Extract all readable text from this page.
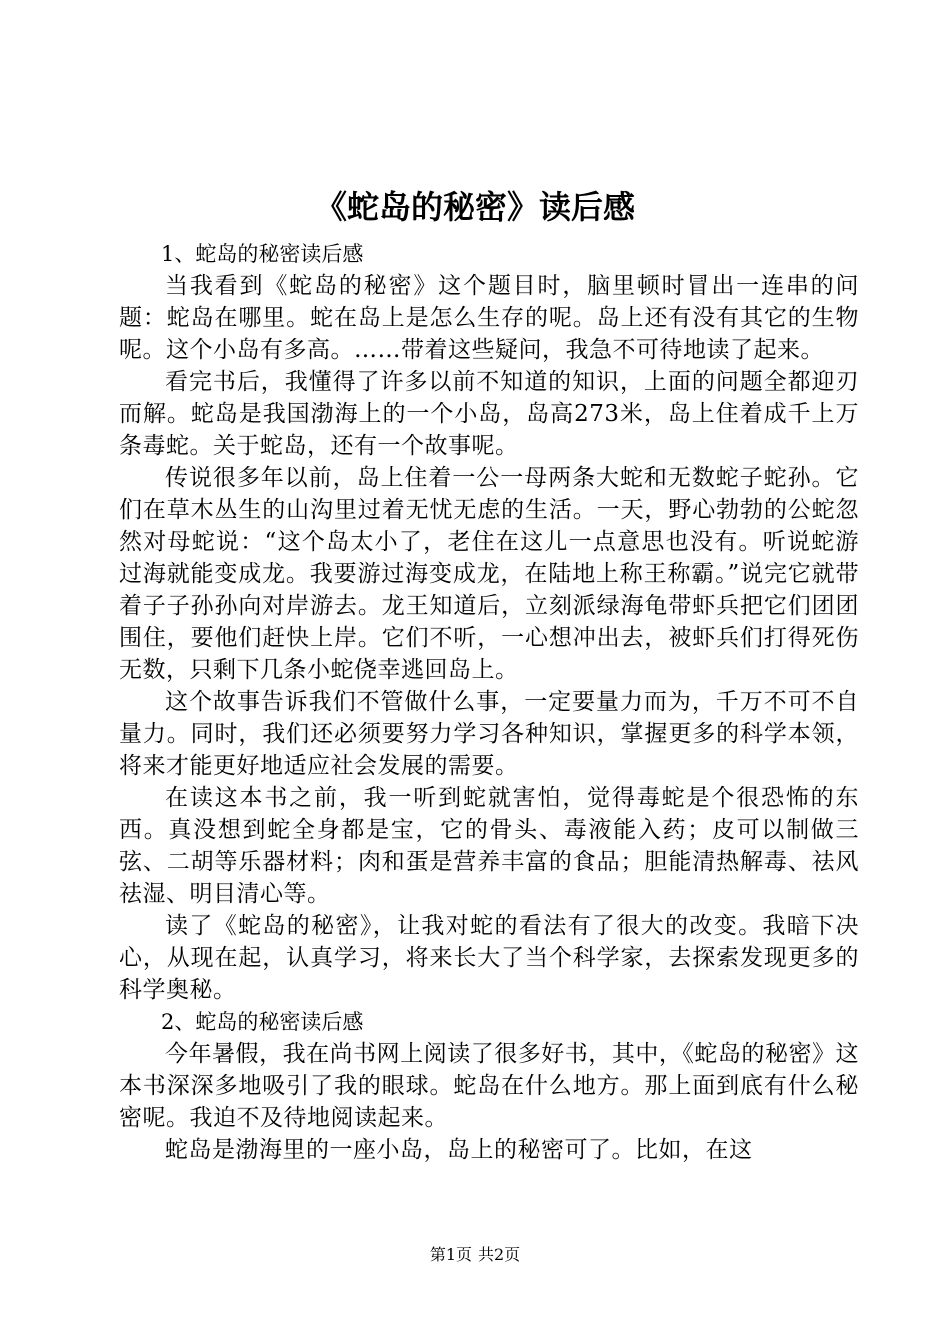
《蛇岛的秘密》读后感

1、蛇岛的秘密读后感

当我看到《蛇岛的秘密》这个题目时，脑里顿时冒出一连串的问题：蛇岛在哪里。蛇在岛上是怎么生存的呢。岛上还有没有其它的生物呢。这个小岛有多高。……带着这些疑问，我急不可待地读了起来。

看完书后，我懂得了许多以前不知道的知识，上面的问题全都迎刃而解。蛇岛是我国渤海上的一个小岛，岛高273米，岛上住着成千上万条毒蛇。关于蛇岛，还有一个故事呢。

传说很多年以前，岛上住着一公一母两条大蛇和无数蛇子蛇孙。它们在草木丛生的山沟里过着无忧无虑的生活。一天，野心勃勃的公蛇忽然对母蛇说：“这个岛太小了，老住在这儿一点意思也没有。听说蛇游过海就能变成龙。我要游过海变成龙，在陆地上称王称霸。”说完它就带着子子孙孙向对岸游去。龙王知道后，立刻派绿海龟带虾兵把它们团团围住，要他们赶快上岸。它们不听，一心想冲出去，被虾兵们打得死伤无数，只剩下几条小蛇侥幸逃回岛上。

这个故事告诉我们不管做什么事，一定要量力而为，千万不可不自量力。同时，我们还必须要努力学习各种知识，掌握更多的科学本领，将来才能更好地适应社会发展的需要。

在读这本书之前，我一听到蛇就害怕，觉得毒蛇是个很恐怖的东西。真没想到蛇全身都是宝，它的骨头、毒液能入药；皮可以制做三弦、二胡等乐器材料；肉和蛋是营养丰富的食品；胆能清热解毒、祛风祛湿、明目清心等。

读了《蛇岛的秘密》，让我对蛇的看法有了很大的改变。我暗下决心，从现在起，认真学习，将来长大了当个科学家，去探索发现更多的科学奥秘。

2、蛇岛的秘密读后感

今年暑假，我在尚书网上阅读了很多好书，其中，《蛇岛的秘密》这本书深深多地吸引了我的眼球。蛇岛在什么地方。那上面到底有什么秘密呢。我迫不及待地阅读起来。

蛇岛是渤海里的一座小岛，岛上的秘密可了。比如，在这

第1页 共2页
